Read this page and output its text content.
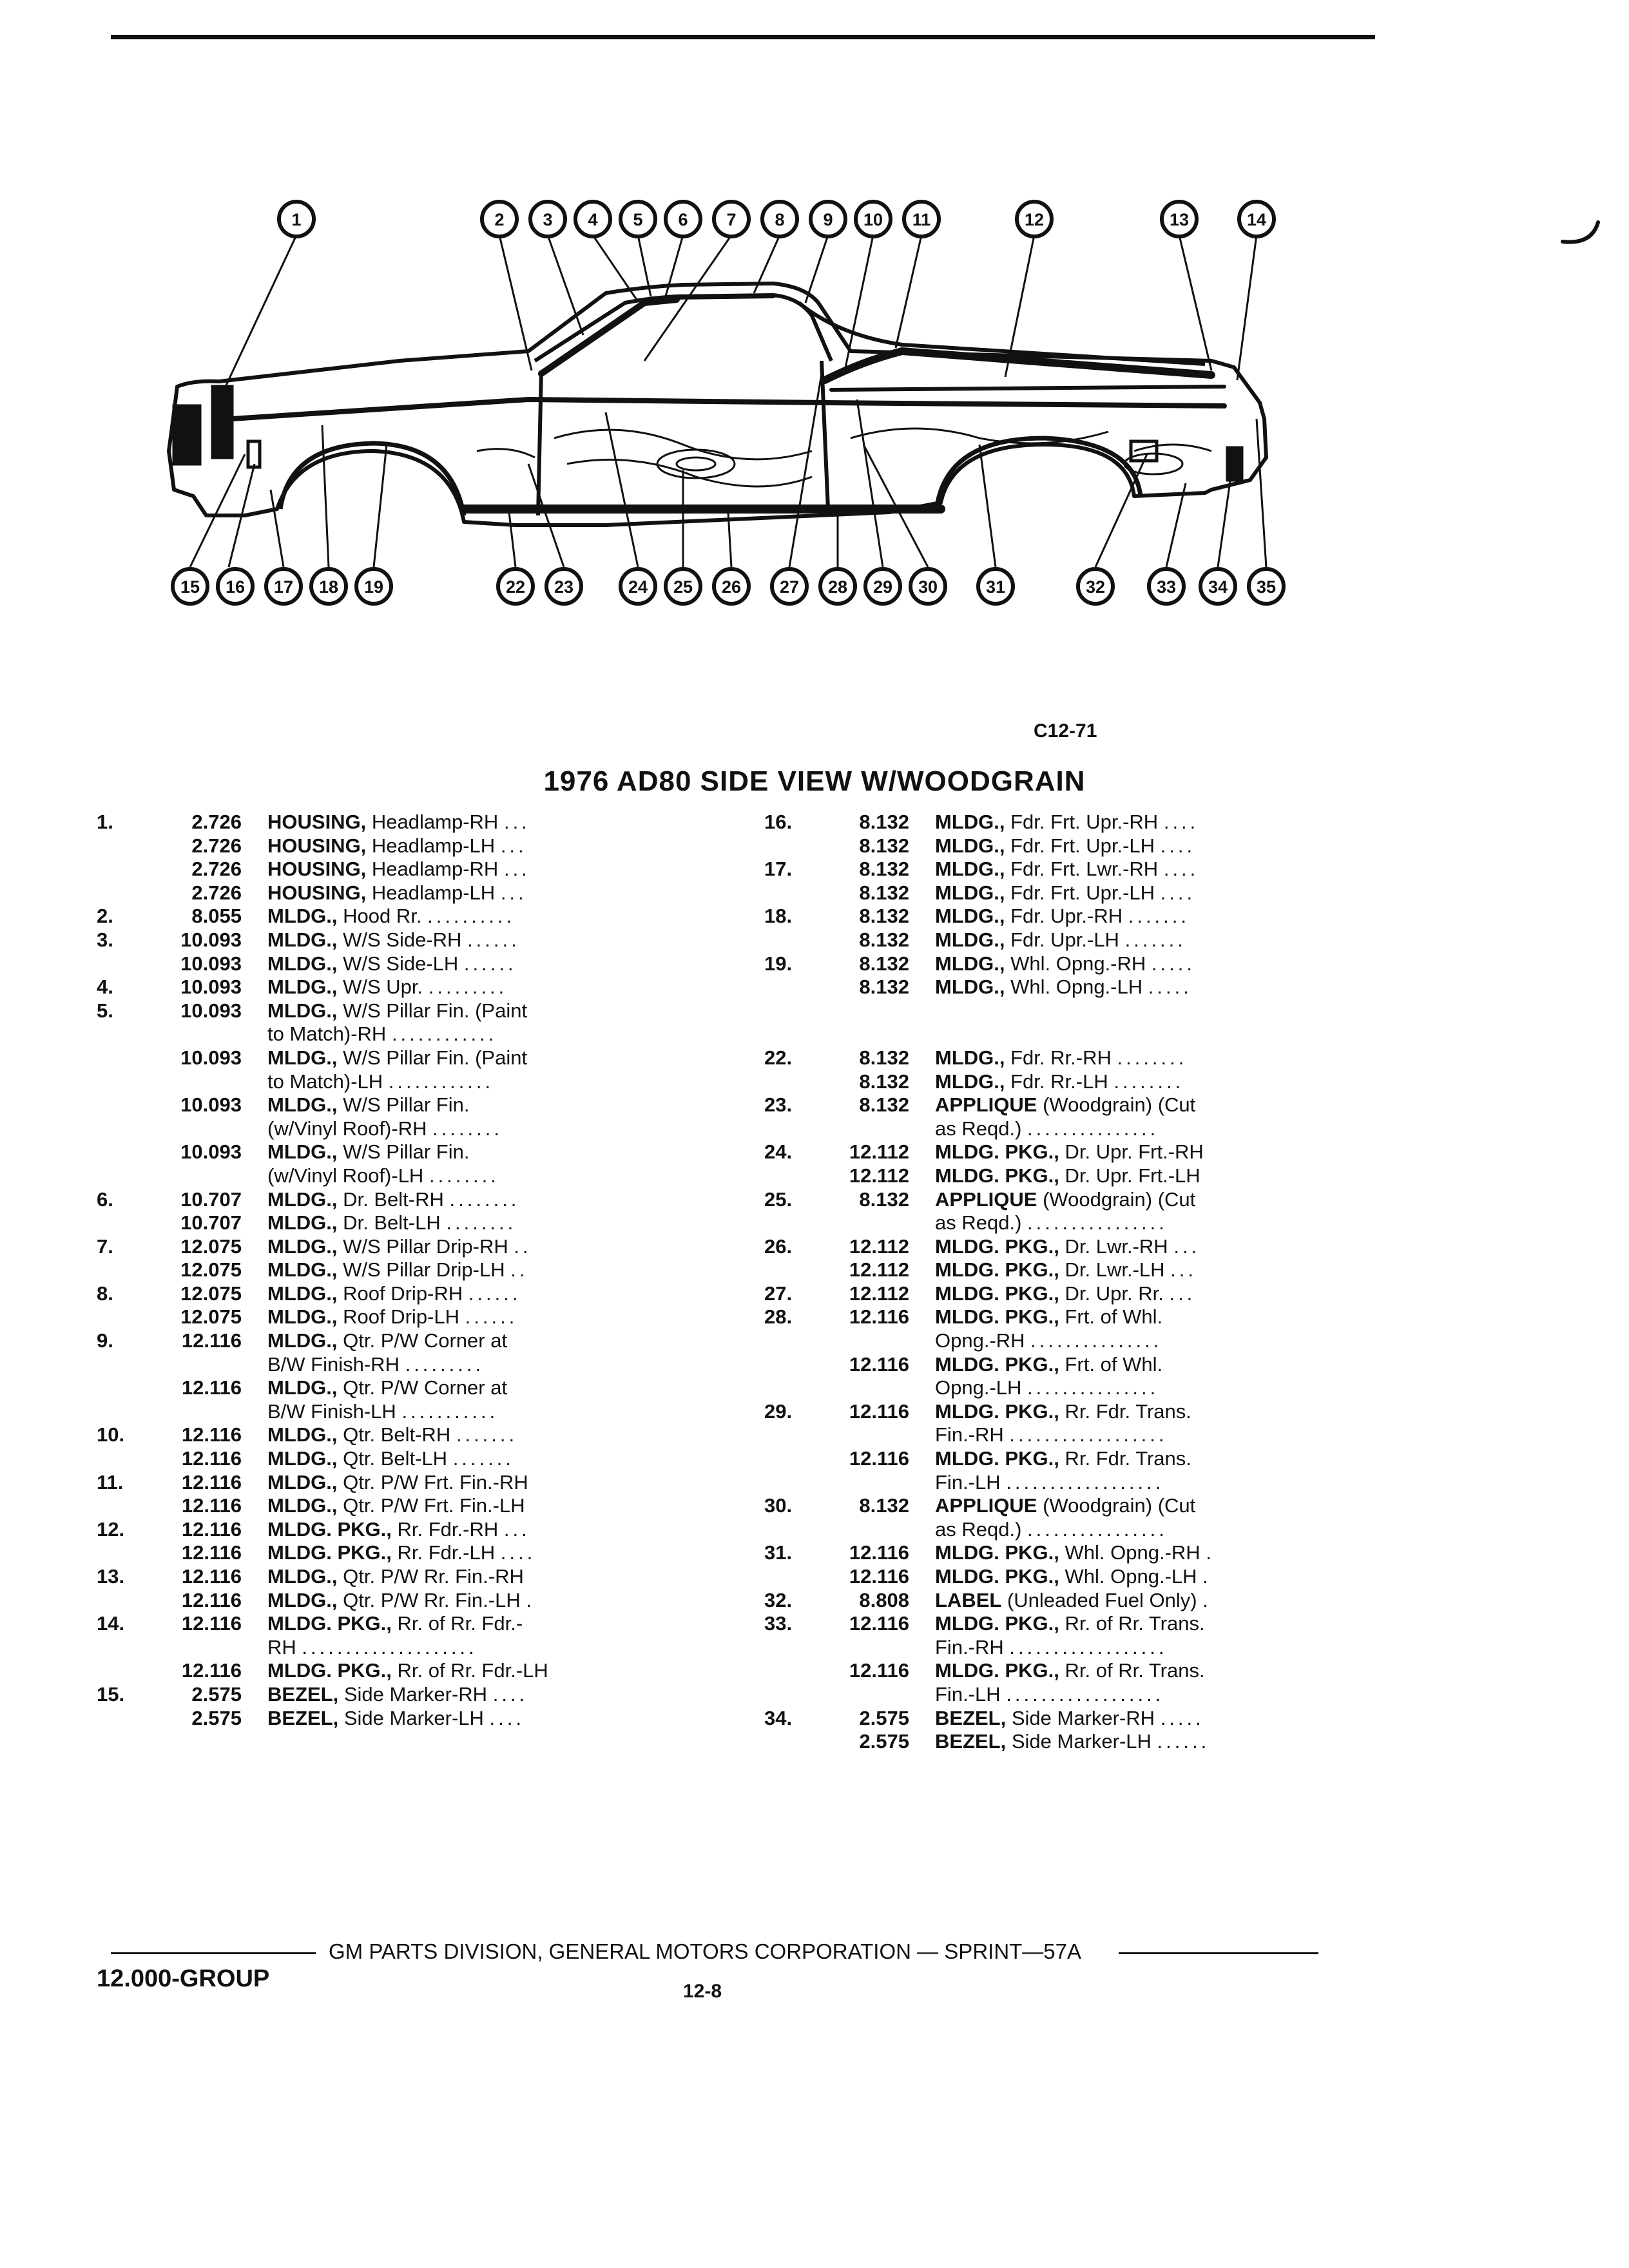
1	2 3 4 5 6 7 8 9 10 11	12	13	14
15 16 17 18 19	22 23	24 25 26 27 28 29 30	31	32	33 34 35
C12-71
1976 AD80 SIDE VIEW W/WOODGRAIN
1.	2.726 HOUSING, Headlamp-RH ...
2.726 HOUSING, Headlamp-LH ...
2.726 HOUSING, Headlamp-RH ...
2.726 HOUSING, Headlamp-LH ...
2.	8.055 MLDG., Hood Rr. ..........
3.	10.093 MLDG., W/S Side-RH ......
10.093 MLDG., W/S Side-LH ......
4.	10.093 MLDG., W/S Upr. .........
5.	10.093 MLDG., W/S Pillar Fin. (Paint
to Match)-RH ............
10.093 MLDG., W/S Pillar Fin. (Paint
to Match)-LH ............
10.093 MLDG., W/S Pillar Fin.
(w/Vinyl Roof)-RH ........
10.093 MLDG., W/S Pillar Fin.
(w/Vinyl Roof)-LH ........
6.	10.707 MLDG., Dr. Belt-RH ........
10.707 MLDG., Dr. Belt-LH ........
7.	12.075 MLDG., W/S Pillar Drip-RH ..
12.075 MLDG., W/S Pillar Drip-LH ..
8.	12.075 MLDG., Roof Drip-RH ......
12.075 MLDG., Roof Drip-LH ......
9.	12.116 MLDG., Qtr. P/W Corner at
B/W Finish-RH .........
12.116 MLDG., Qtr. P/W Corner at
B/W Finish-LH ...........
10.	12.116 MLDG., Qtr. Belt-RH .......
12.116 MLDG., Qtr. Belt-LH .......
11.	12.116 MLDG., Qtr. P/W Frt. Fin.-RH
12.116 MLDG., Qtr. P/W Frt. Fin.-LH
12.	12.116 MLDG. PKG., Rr. Fdr.-RH ...
12.116 MLDG. PKG., Rr. Fdr.-LH ....
13.	12.116 MLDG., Qtr. P/W Rr. Fin.-RH
12.116 MLDG., Qtr. P/W Rr. Fin.-LH .
14.	12.116 MLDG. PKG., Rr. of Rr. Fdr.-
RH ....................
12.116 MLDG. PKG., Rr. of Rr. Fdr.-LH
15.	2.575 BEZEL, Side Marker-RH ....
2.575 BEZEL, Side Marker-LH ....
16.	8.132 MLDG., Fdr. Frt. Upr.-RH ....
8.132 MLDG., Fdr. Frt. Upr.-LH ....
17.	8.132 MLDG., Fdr. Frt. Lwr.-RH ....
8.132 MLDG., Fdr. Frt. Upr.-LH ....
18.	8.132 MLDG., Fdr. Upr.-RH .......
8.132 MLDG., Fdr. Upr.-LH .......
19.	8.132 MLDG., Whl. Opng.-RH .....
8.132 MLDG., Whl. Opng.-LH .....
22.	8.132 MLDG., Fdr. Rr.-RH ........
8.132 MLDG., Fdr. Rr.-LH ........
23.	8.132 APPLIQUE (Woodgrain) (Cut
as Reqd.) ...............
24.	12.112 MLDG. PKG., Dr. Upr. Frt.-RH
12.112 MLDG. PKG., Dr. Upr. Frt.-LH
25.	8.132 APPLIQUE (Woodgrain) (Cut
as Reqd.) ................
26.	12.112 MLDG. PKG., Dr. Lwr.-RH ...
12.112 MLDG. PKG., Dr. Lwr.-LH ...
27.	12.112 MLDG. PKG., Dr. Upr. Rr. ...
28.	12.116 MLDG. PKG., Frt. of Whl.
Opng.-RH ...............
12.116 MLDG. PKG., Frt. of Whl.
Opng.-LH ...............
29.	12.116 MLDG. PKG., Rr. Fdr. Trans.
Fin.-RH ..................
12.116 MLDG. PKG., Rr. Fdr. Trans.
Fin.-LH ..................
30.	8.132 APPLIQUE (Woodgrain) (Cut
as Reqd.) ................
31.	12.116 MLDG. PKG., Whl. Opng.-RH .
12.116 MLDG. PKG., Whl. Opng.-LH .
32.	8.808 LABEL (Unleaded Fuel Only) .
33.	12.116 MLDG. PKG., Rr. of Rr. Trans.
Fin.-RH ..................
12.116 MLDG. PKG., Rr. of Rr. Trans.
Fin.-LH ..................
34.	2.575 BEZEL, Side Marker-RH .....
2.575 BEZEL, Side Marker-LH ......
GM PARTS DIVISION, GENERAL MOTORS CORPORATION — SPRINT—57A
12.000-GROUP	12-8
